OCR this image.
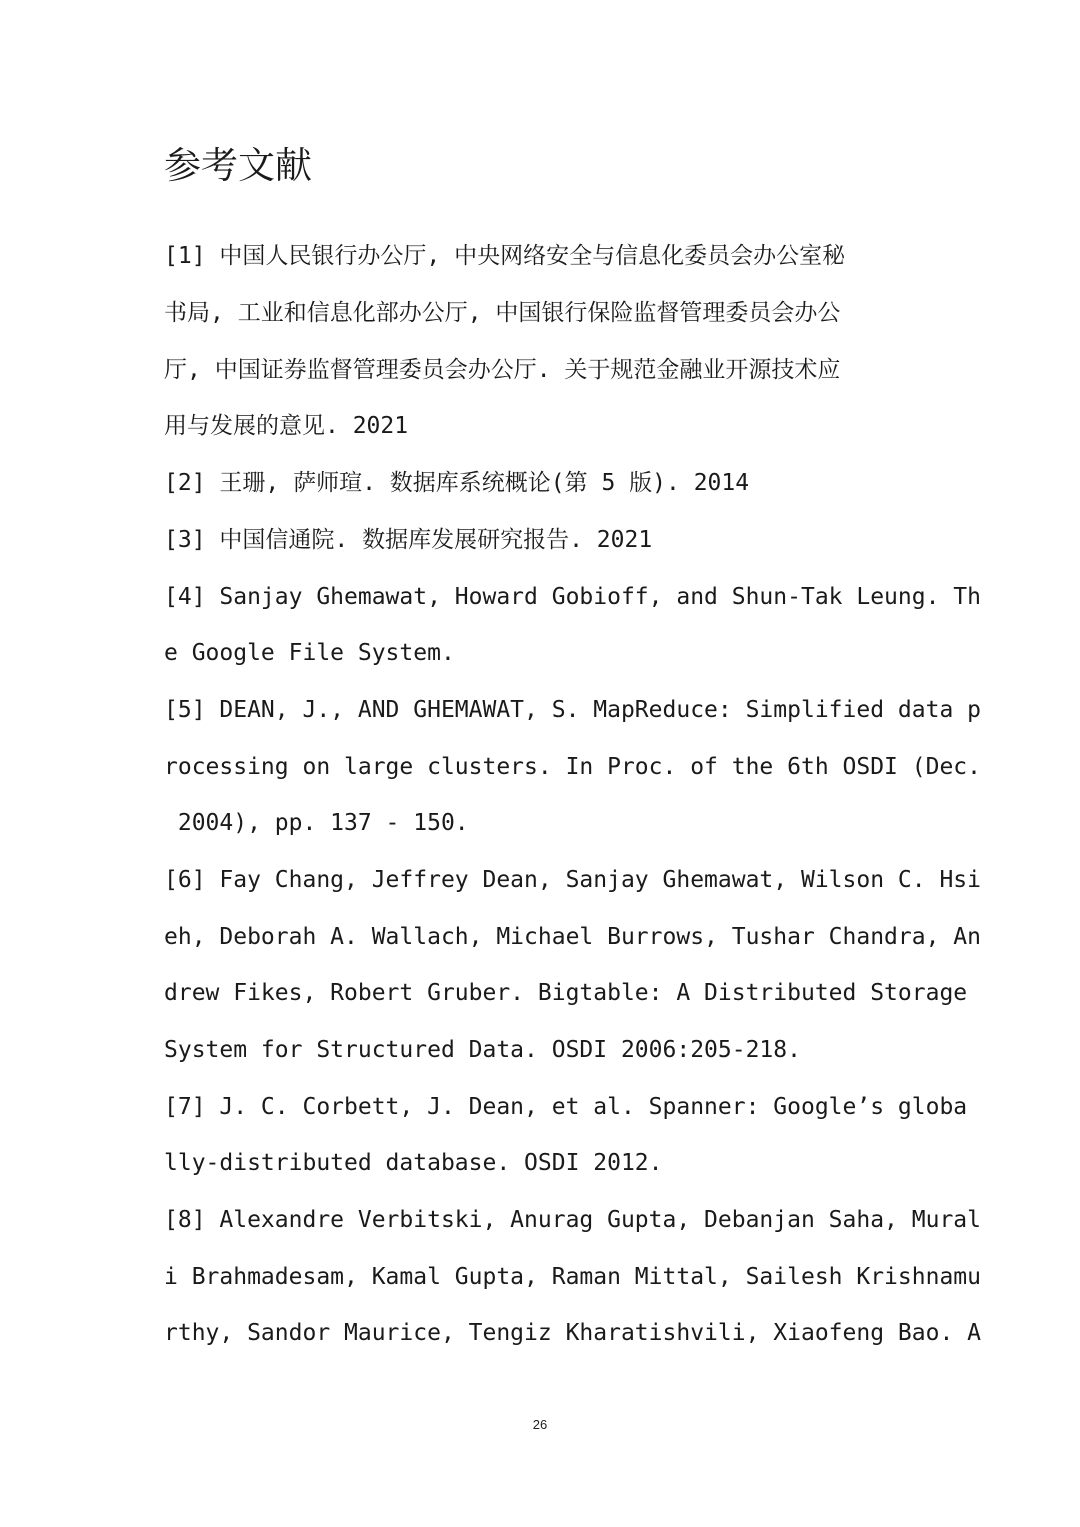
参考文献
[1] 中国人民银行办公厅, 中央网络安全与信息化委员会办公室秘
书局, 工业和信息化部办公厅, 中国银行保险监督管理委员会办公
厅, 中国证券监督管理委员会办公厅. 关于规范金融业开源技术应
用与发展的意见. 2021
[2] 王珊, 萨师瑄. 数据库系统概论(第 5 版). 2014
[3] 中国信通院. 数据库发展研究报告. 2021
[4] Sanjay Ghemawat, Howard Gobioff, and Shun-Tak Leung. Th
e Google File System.
[5] DEAN, J., AND GHEMAWAT, S. MapReduce: Simplified data p
rocessing on large clusters. In Proc. of the 6th OSDI (Dec.
2004), pp. 137 - 150.
[6] Fay Chang, Jeffrey Dean, Sanjay Ghemawat, Wilson C. Hsi
eh, Deborah A. Wallach, Michael Burrows, Tushar Chandra, An
drew Fikes, Robert Gruber. Bigtable: A Distributed Storage
System for Structured Data. OSDI 2006:205-218.
[7] J. C. Corbett, J. Dean, et al. Spanner: Google’s globa
lly-distributed database. OSDI 2012.
[8] Alexandre Verbitski, Anurag Gupta, Debanjan Saha, Mural
i Brahmadesam, Kamal Gupta, Raman Mittal, Sailesh Krishnamu
rthy, Sandor Maurice, Tengiz Kharatishvili, Xiaofeng Bao. A
26
